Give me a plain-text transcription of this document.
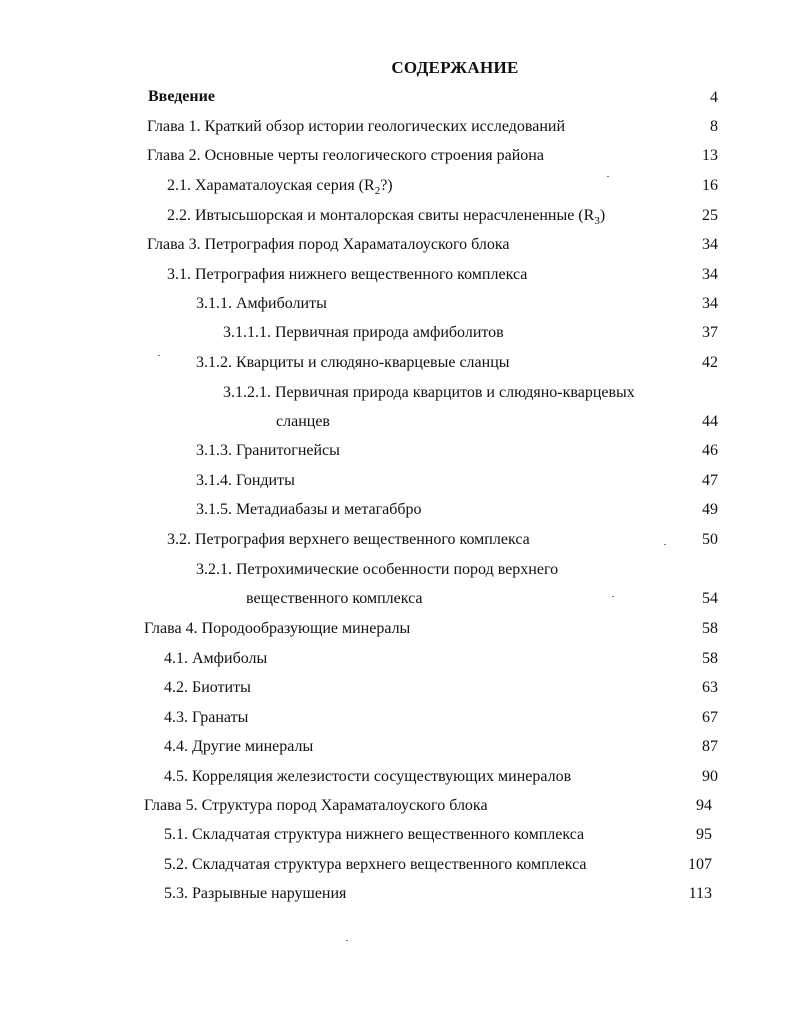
СОДЕРЖАНИЕ
Введение	4
Глава 1. Краткий обзор истории геологических исследований	8
Глава 2. Основные черты геологического строения района	13
2.1. Хараматалоуская серия $(R_2?)$	16
2.2. Ивтысьшорская и монталорская свиты нерасчлененные $(R_3)$	25
Глава 3. Петрография пород Хараматалоуского блока	34
3.1. Петрография нижнего вещественного комплекса	34
3.1.1. Амфиболиты	34
3.1.1.1. Первичная природа амфиболитов	37
3.1.2. Кварциты и слюдяно-кварцевые сланцы	42
3.1.2.1. Первичная природа кварцитов и слюдяно-кварцевых
сланцев	44
3.1.3. Гранитогнейсы	46
3.1.4. Гондиты	47
3.1.5. Метадиабазы и метагаббро	49
3.2. Петрография верхнего вещественного комплекса	50
3.2.1. Петрохимические особенности пород верхнего
вещественного комплекса	54
Глава 4. Породообразующие минералы	58
4.1. Амфиболы	58
4.2. Биотиты	63
4.3. Гранаты	67
4.4. Другие минералы	87
4.5. Корреляция железистости сосуществующих минералов	90
Глава 5. Структура пород Хараматалоуского блока	94
5.1. Складчатая структура нижнего вещественного комплекса	95
5.2. Складчатая структура верхнего вещественного комплекса	107
5.3. Разрывные нарушения	113
